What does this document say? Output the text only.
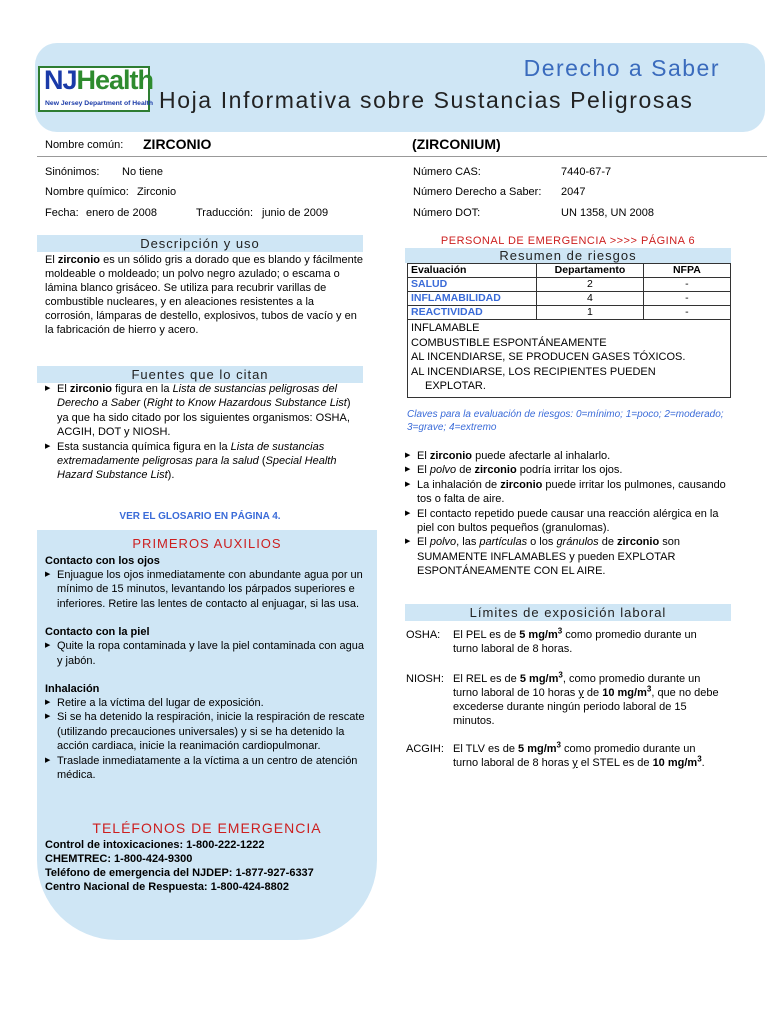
NJHealth
New Jersey Department of Health
Derecho a Saber
Hoja Informativa sobre Sustancias Peligrosas
Nombre común: ZIRCONIO	(ZIRCONIUM)
Sinónimos: No tiene
Nombre químico: Zirconio
Fecha: enero de 2008	Traducción: junio de 2009
Número CAS:	7440-67-7
Número Derecho a Saber: 2047
Número DOT:	UN 1358, UN 2008
Descripción y uso
El zirconio es un sólido gris a dorado que es blando y fácilmente moldeable o moldeado; un polvo negro azulado; o escama o lámina blanco grisáceo. Se utiliza para recubrir varillas de combustible nucleares, y en aleaciones resistentes a la corrosión, lámparas de destello, explosivos, tubos de vacío y en la fabricación de hierro y acero.
Fuentes que lo citan
▶ El zirconio figura en la Lista de sustancias peligrosas del Derecho a Saber (Right to Know Hazardous Substance List) ya que ha sido citado por los siguientes organismos: OSHA, ACGIH, DOT y NIOSH.
▶ Esta sustancia química figura en la Lista de sustancias extremadamente peligrosas para la salud (Special Health Hazard Substance List).
VER EL GLOSARIO EN PÁGINA 4.
PRIMEROS AUXILIOS
Contacto con los ojos
▶ Enjuague los ojos inmediatamente con abundante agua por un mínimo de 15 minutos, levantando los párpados superiores e inferiores. Retire las lentes de contacto al enjuagar, si las usa.
Contacto con la piel
▶ Quite la ropa contaminada y lave la piel contaminada con agua y jabón.
Inhalación
▶ Retire a la víctima del lugar de exposición.
▶ Si se ha detenido la respiración, inicie la respiración de rescate (utilizando precauciones universales) y si se ha detenido la acción cardiaca, inicie la reanimación cardiopulmonar.
▶ Traslade inmediatamente a la víctima a un centro de atención médica.
TELÉFONOS DE EMERGENCIA
Control de intoxicaciones: 1-800-222-1222
CHEMTREC: 1-800-424-9300
Teléfono de emergencia del NJDEP: 1-877-927-6337
Centro Nacional de Respuesta: 1-800-424-8802
PERSONAL DE EMERGENCIA >>>> PÁGINA 6
Resumen de riesgos
Evaluación	Departamento	NFPA
SALUD	2	-
INFLAMABILIDAD	4	-
REACTIVIDAD	1	-

INFLAMABLE
COMBUSTIBLE ESPONTÁNEAMENTE
AL INCENDIARSE, SE PRODUCEN GASES TÓXICOS.
AL INCENDIARSE, LOS RECIPIENTES PUEDEN
EXPLOTAR.		
Claves para la evaluación de riesgos: 0=mínimo; 1=poco; 2=moderado; 3=grave; 4=extremo
▶ El zirconio puede afectarle al inhalarlo.
▶ El polvo de zirconio podría irritar los ojos.
▶ La inhalación de zirconio puede irritar los pulmones, causando tos o falta de aire.
▶ El contacto repetido puede causar una reacción alérgica en la piel con bultos pequeños (granulomas).
▶ El polvo, las partículas o los gránulos de zirconio son SUMAMENTE INFLAMABLES y pueden EXPLOTAR ESPONTÁNEAMENTE CON EL AIRE.
Límites de exposición laboral
OSHA: El PEL es de 5 $mg/m^3$ como promedio durante un turno laboral de 8 horas.
NIOSH: El REL es de 5 $mg/m^3$, como promedio durante un turno laboral de 10 horas y de 10 $mg/m^3$, que no debe excederse durante ningún periodo laboral de 15 minutos.
ACGIH: El TLV es de 5 $mg/m^3$ como promedio durante un turno laboral de 8 horas y el STEL es de 10 $mg/m^3$.
